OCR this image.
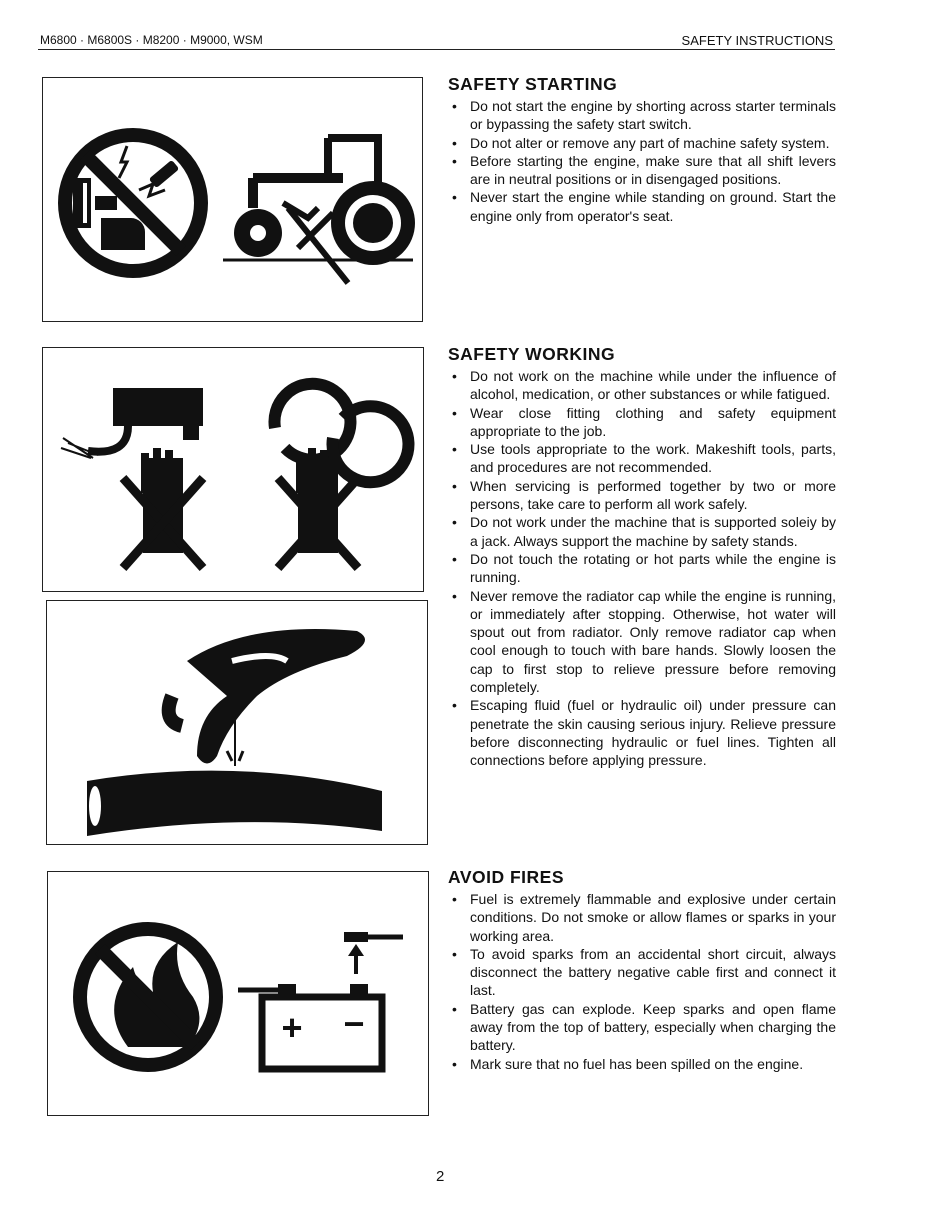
M6800 · M6800S · M8200 · M9000, WSM	SAFETY INSTRUCTIONS
+ −
SAFETY STARTING
• Do not start the engine by shorting across starter terminals or bypassing the safety start switch.
• Do not alter or remove any part of machine safety system.
• Before starting the engine, make sure that all shift levers are in neutral positions or in disengaged positions.
• Never start the engine while standing on ground. Start the engine only from operator's seat.
SAFETY WORKING
• Do not work on the machine while under the influence of alcohol, medication, or other substances or while fatigued.
• Wear close fitting clothing and safety equipment appropriate to the job.
• Use tools appropriate to the work. Makeshift tools, parts, and procedures are not recommended.
• When servicing is performed together by two or more persons, take care to perform all work safely.
• Do not work under the machine that is supported soleiy by a jack. Always support the machine by safety stands.
• Do not touch the rotating or hot parts while the engine is running.
• Never remove the radiator cap while the engine is running, or immediately after stopping. Otherwise, hot water will spout out from radiator. Only remove radiator cap when cool enough to touch with bare hands. Slowly loosen the cap to first stop to relieve pressure before removing completely.
• Escaping fluid (fuel or hydraulic oil) under pressure can penetrate the skin causing serious injury. Relieve pressure before disconnecting hydraulic or fuel lines. Tighten all connections before applying pressure.
AVOID FIRES
• Fuel is extremely flammable and explosive under certain conditions. Do not smoke or allow flames or sparks in your working area.
• To avoid sparks from an accidental short circuit, always disconnect the battery negative cable first and connect it last.
• Battery gas can explode. Keep sparks and open flame away from the top of battery, especially when charging the battery.
• Mark sure that no fuel has been spilled on the engine.
2
